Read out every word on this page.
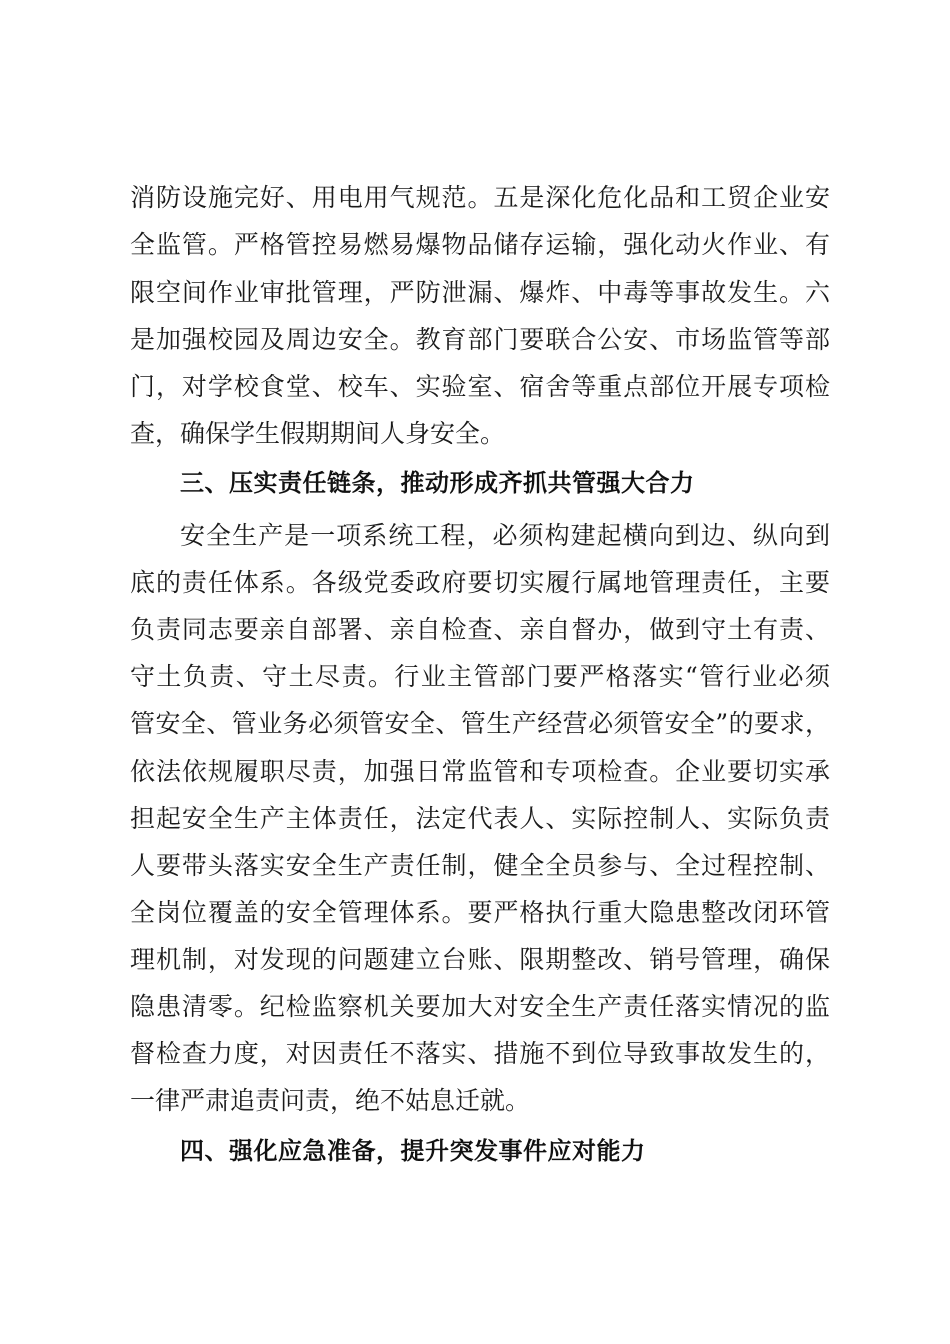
消防设施完好、用电用气规范。五是深化危化品和工贸企业安
全监管。严格管控易燃易爆物品储存运输，强化动火作业、有
限空间作业审批管理，严防泄漏、爆炸、中毒等事故发生。六
是加强校园及周边安全。教育部门要联合公安、市场监管等部
门，对学校食堂、校车、实验室、宿舍等重点部位开展专项检
查，确保学生假期期间人身安全。
三、压实责任链条，推动形成齐抓共管强大合力
安全生产是一项系统工程，必须构建起横向到边、纵向到
底的责任体系。各级党委政府要切实履行属地管理责任，主要
负责同志要亲自部署、亲自检查、亲自督办，做到守土有责、
守土负责、守土尽责。行业主管部门要严格落实“管行业必须
管安全、管业务必须管安全、管生产经营必须管安全”的要求，
依法依规履职尽责，加强日常监管和专项检查。企业要切实承
担起安全生产主体责任，法定代表人、实际控制人、实际负责
人要带头落实安全生产责任制，健全全员参与、全过程控制、
全岗位覆盖的安全管理体系。要严格执行重大隐患整改闭环管
理机制，对发现的问题建立台账、限期整改、销号管理，确保
隐患清零。纪检监察机关要加大对安全生产责任落实情况的监
督检查力度，对因责任不落实、措施不到位导致事故发生的，
一律严肃追责问责，绝不姑息迁就。
四、强化应急准备，提升突发事件应对能力
